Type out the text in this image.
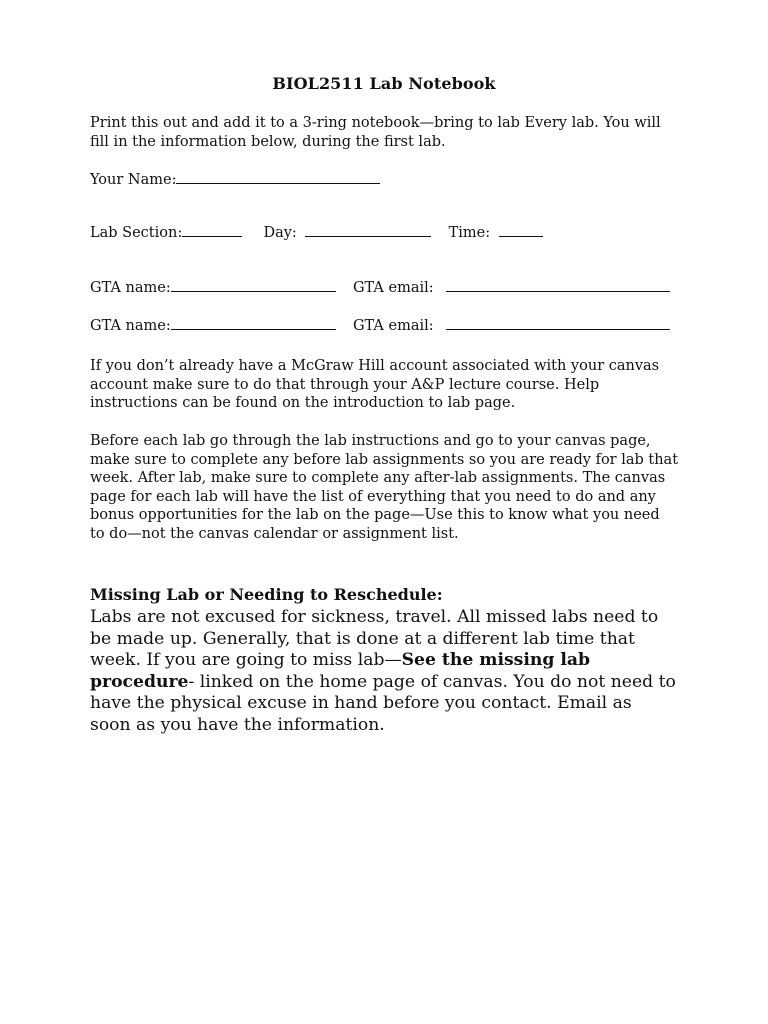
BIOL2511 Lab Notebook

Print this out and add it to a 3-ring notebook—bring to lab Every lab. You will

fill in the information below, during the first lab.

Your Name:
Lab Section:	Day:	Time:
GTA name:	GTA email:
GTA name:	GTA email:

If you don’t already have a McGraw Hill account associated with your canvas

account make sure to do that through your A&P lecture course. Help

instructions can be found on the introduction to lab page.

Before each lab go through the lab instructions and go to your canvas page,

make sure to complete any before lab assignments so you are ready for lab that

week. After lab, make sure to complete any after-lab assignments. The canvas

page for each lab will have the list of everything that you need to do and any

bonus opportunities for the lab on the page—Use this to know what you need

to do—not the canvas calendar or assignment list.

Missing Lab or Needing to Reschedule:
Labs are not excused for sickness, travel. All missed labs need to
be made up. Generally, that is done at a different lab time that
week. If you are going to miss lab—See the missing lab
procedure- linked on the home page of canvas. You do not need to
have the physical excuse in hand before you contact. Email as
soon as you have the information.
